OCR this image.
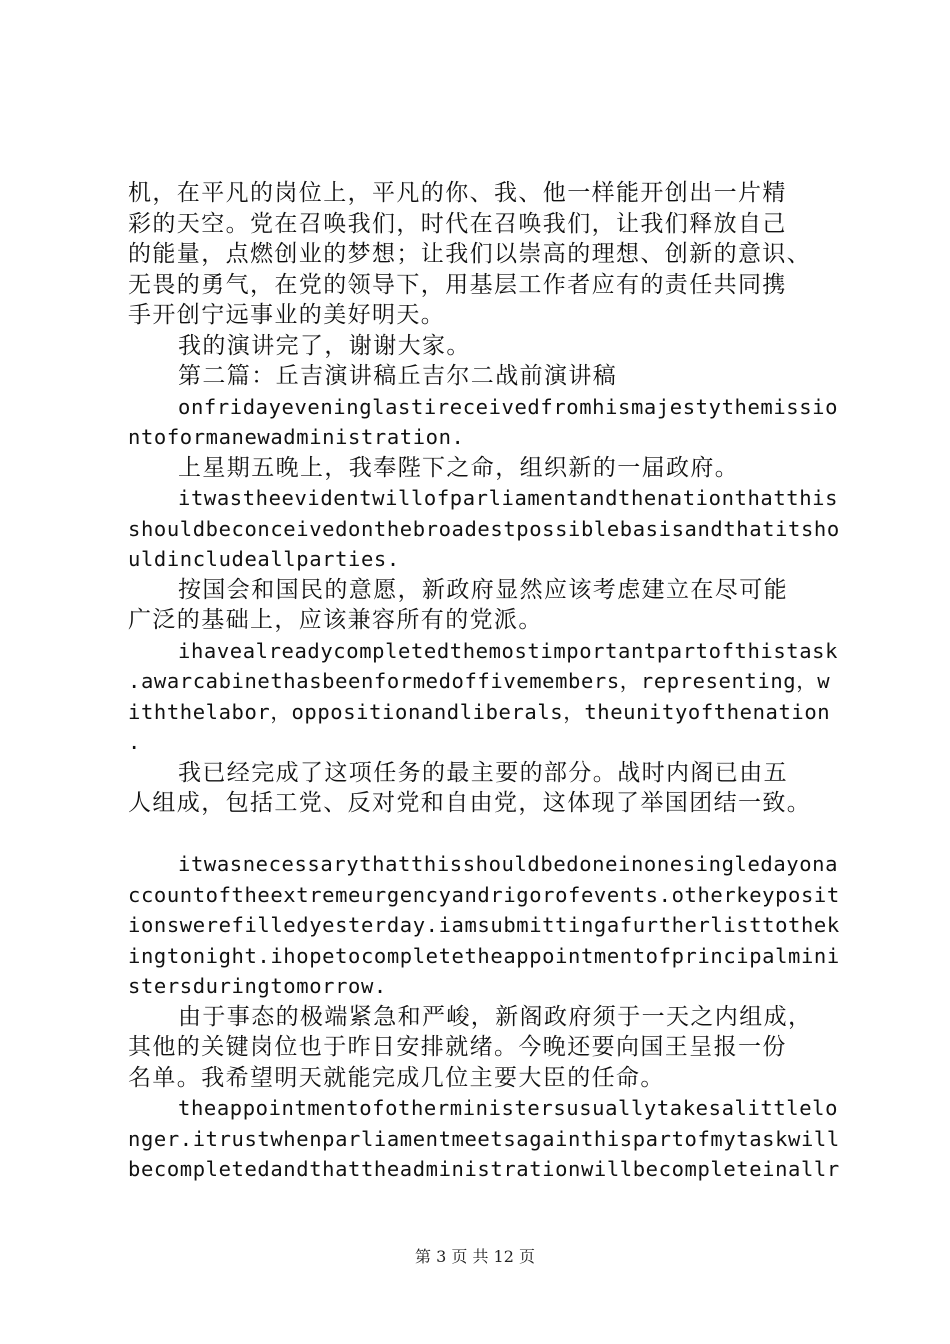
机，在平凡的岗位上，平凡的你、我、他一样能开创出一片精
彩的天空。党在召唤我们，时代在召唤我们，让我们释放自己
的能量，点燃创业的梦想；让我们以崇高的理想、创新的意识、
无畏的勇气，在党的领导下，用基层工作者应有的责任共同携
手开创宁远事业的美好明天。
我的演讲完了，谢谢大家。
第二篇：丘吉演讲稿丘吉尔二战前演讲稿
onfridayeveninglastireceivedfromhismajestythemissio
ntoformanewadministration.
上星期五晚上，我奉陛下之命，组织新的一届政府。
itwastheevidentwillofparliamentandthenationthatthis
shouldbeconceivedonthebroadestpossiblebasisandthatitsho
uldincludeallparties.
按国会和国民的意愿，新政府显然应该考虑建立在尽可能
广泛的基础上，应该兼容所有的党派。
ihavealreadycompletedthemostimportantpartofthistask
.awarcabinethasbeenformedoffivemembers，representing，w
iththelabor，oppositionandliberals，theunityofthenation
.
我已经完成了这项任务的最主要的部分。战时内阁已由五
人组成，包括工党、反对党和自由党，这体现了举国团结一致。
itwasnecessarythatthisshouldbedoneinonesingledayona
ccountoftheextremeurgencyandrigorofevents.otherkeyposit
ionswerefilledyesterday.iamsubmittingafurtherlisttothek
ingtonight.ihopetocompletetheappointmentofprincipalmini
stersduringtomorrow.
由于事态的极端紧急和严峻，新阁政府须于一天之内组成，
其他的关键岗位也于昨日安排就绪。今晚还要向国王呈报一份
名单。我希望明天就能完成几位主要大臣的任命。
theappointmentofotherministersusuallytakesalittlelo
nger.itrustwhenparliamentmeetsagainthispartofmytaskwill
becompletedandthattheadministrationwillbecompleteinallr
第 3 页 共 12 页
